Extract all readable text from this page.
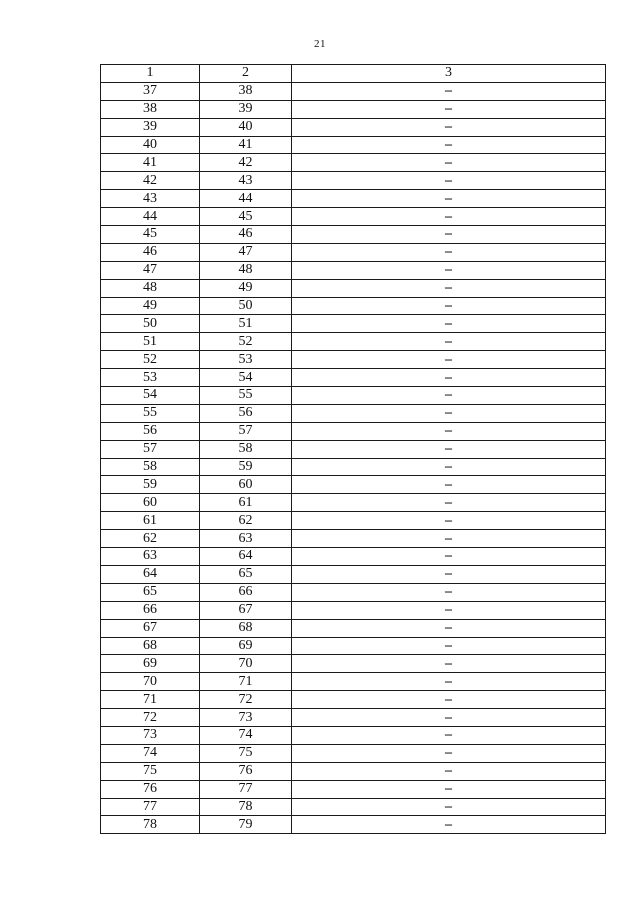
21
1	2	3
37	38	–
38	39	–
39	40	–
40	41	–
41	42	–
42	43	–
43	44	–
44	45	–
45	46	–
46	47	–
47	48	–
48	49	–
49	50	–
50	51	–
51	52	–
52	53	–
53	54	–
54	55	–
55	56	–
56	57	–
57	58	–
58	59	–
59	60	–
60	61	–
61	62	–
62	63	–
63	64	–
64	65	–
65	66	–
66	67	–
67	68	–
68	69	–
69	70	–
70	71	–
71	72	–
72	73	–
73	74	–
74	75	–
75	76	–
76	77	–
77	78	–
78	79	–
